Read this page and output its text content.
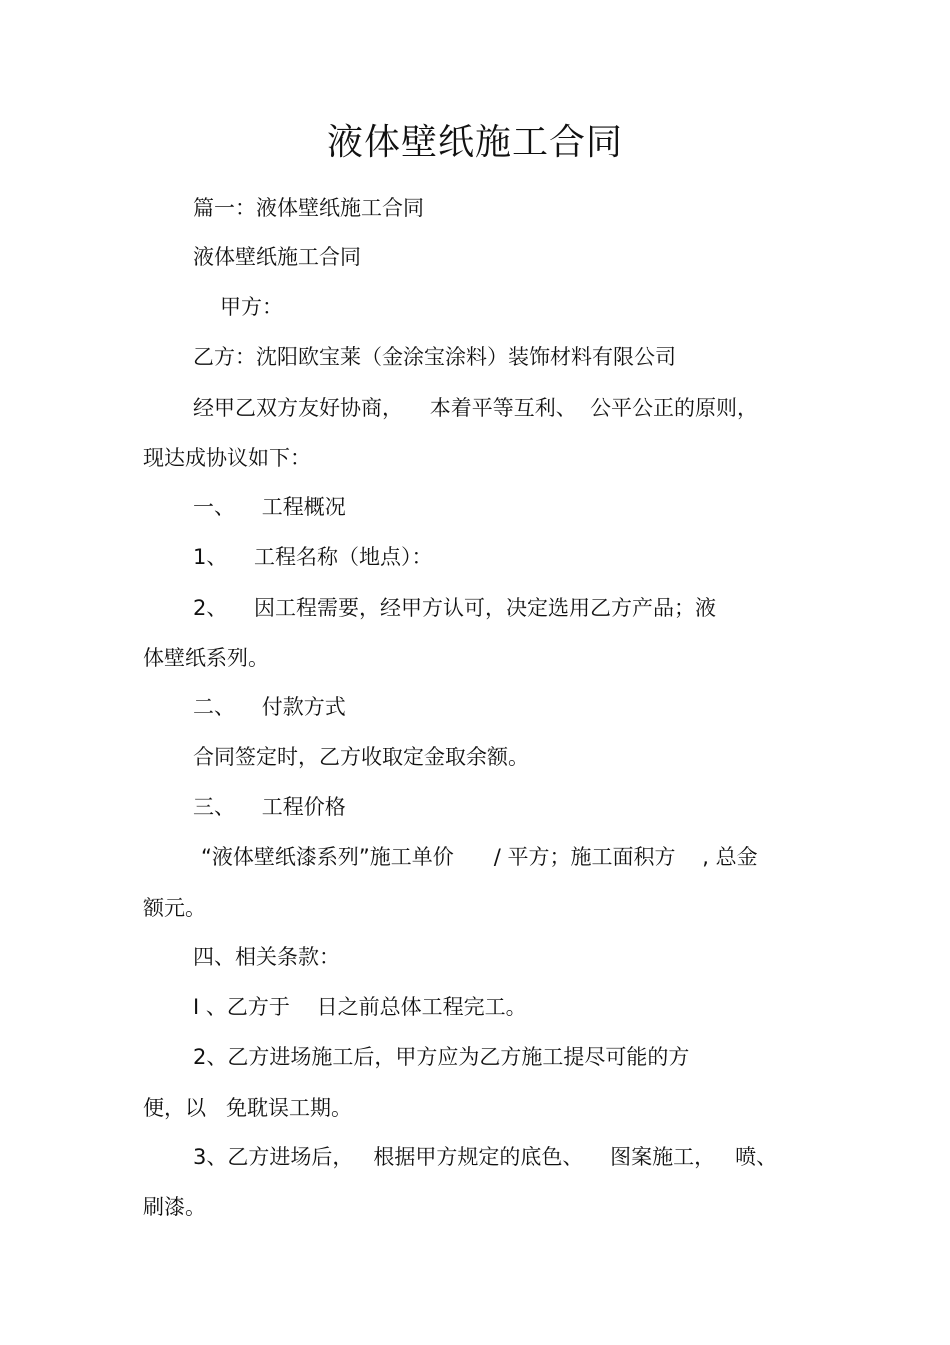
液体壁纸施工合同
篇一：液体壁纸施工合同
液体壁纸施工合同
甲方：
乙方：沈阳欧宝莱（金涂宝涂料）装饰材料有限公司
经甲乙双方友好协商，    本着平等互利、  公平公正的原则，
现达成协议如下：
一、    工程概况
1、    工程名称（地点）：
2、    因工程需要，经甲方认可，决定选用乙方产品；液
体壁纸系列。
二、    付款方式
合同签定时，乙方收取定金取余额。
三、    工程价格
“液体壁纸漆系列”施工单价      / 平方；施工面积方    , 总金
额元。
四、相关条款：
I 、乙方于    日之前总体工程完工。
2、乙方进场施工后，甲方应为乙方施工提尽可能的方
便，以   免耽误工期。
3、乙方进场后，   根据甲方规定的底色、    图案施工，   喷、
刷漆。
